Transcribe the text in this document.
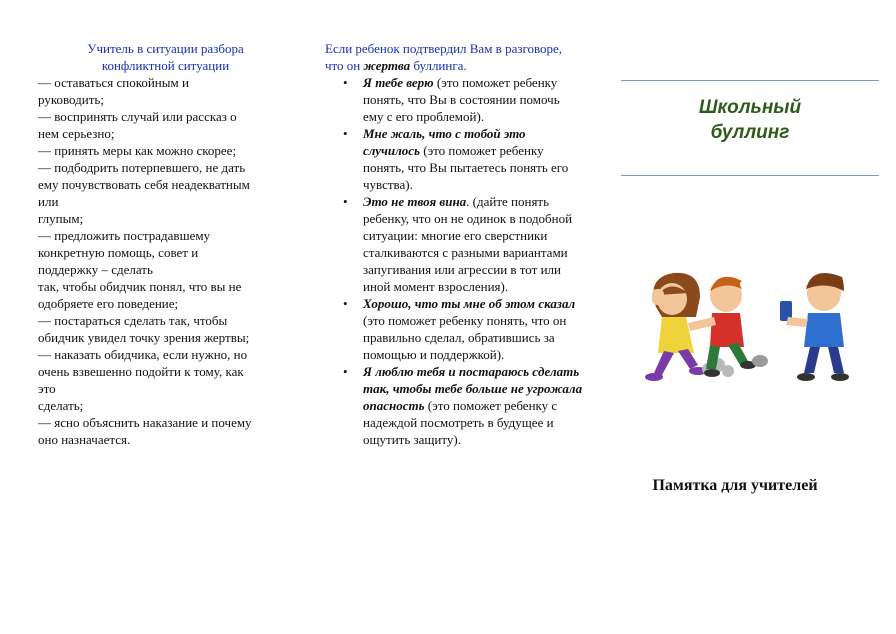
Учитель в ситуации разбора
конфликтной ситуации

— оставаться спокойным и

руководить;

— воспринять случай или рассказ о

нем серьезно;

— принять меры как можно скорее;

— подбодрить потерпевшего, не дать

ему почувствовать себя неадекватным

или

глупым;

— предложить пострадавшему

конкретную помощь, совет и

поддержку – сделать

так, чтобы обидчик понял, что вы не

одобряете его поведение;

— постараться сделать так, чтобы

обидчик увидел точку зрения жертвы;

— наказать обидчика, если нужно, но

очень взвешенно подойти к тому, как

это

сделать;

— ясно объяснить наказание и почему

оно назначается.

Если ребенок подтвердил Вам в разговоре, что он жертва буллинга.

• Я тебе верю (это поможет ребенку понять, что Вы в состоянии помочь ему с его проблемой).
• Мне жаль, что с тобой это случилось (это поможет ребенку понять, что Вы пытаетесь понять его чувства).
• Это не твоя вина. (дайте понять ребенку, что он не одинок в подобной ситуации: многие его сверстники сталкиваются с разными вариантами запугивания или агрессии в тот или иной момент взросления).
• Хорошо, что ты мне об этом сказал (это поможет ребенку понять, что он правильно сделал, обратившись за помощью и поддержкой).
• Я люблю тебя и постараюсь сделать так, чтобы тебе больше не угрожала опасность (это поможет ребенку с надеждой посмотреть в будущее и ощутить защиту).
Школьный
буллинг
Памятка для учителей
